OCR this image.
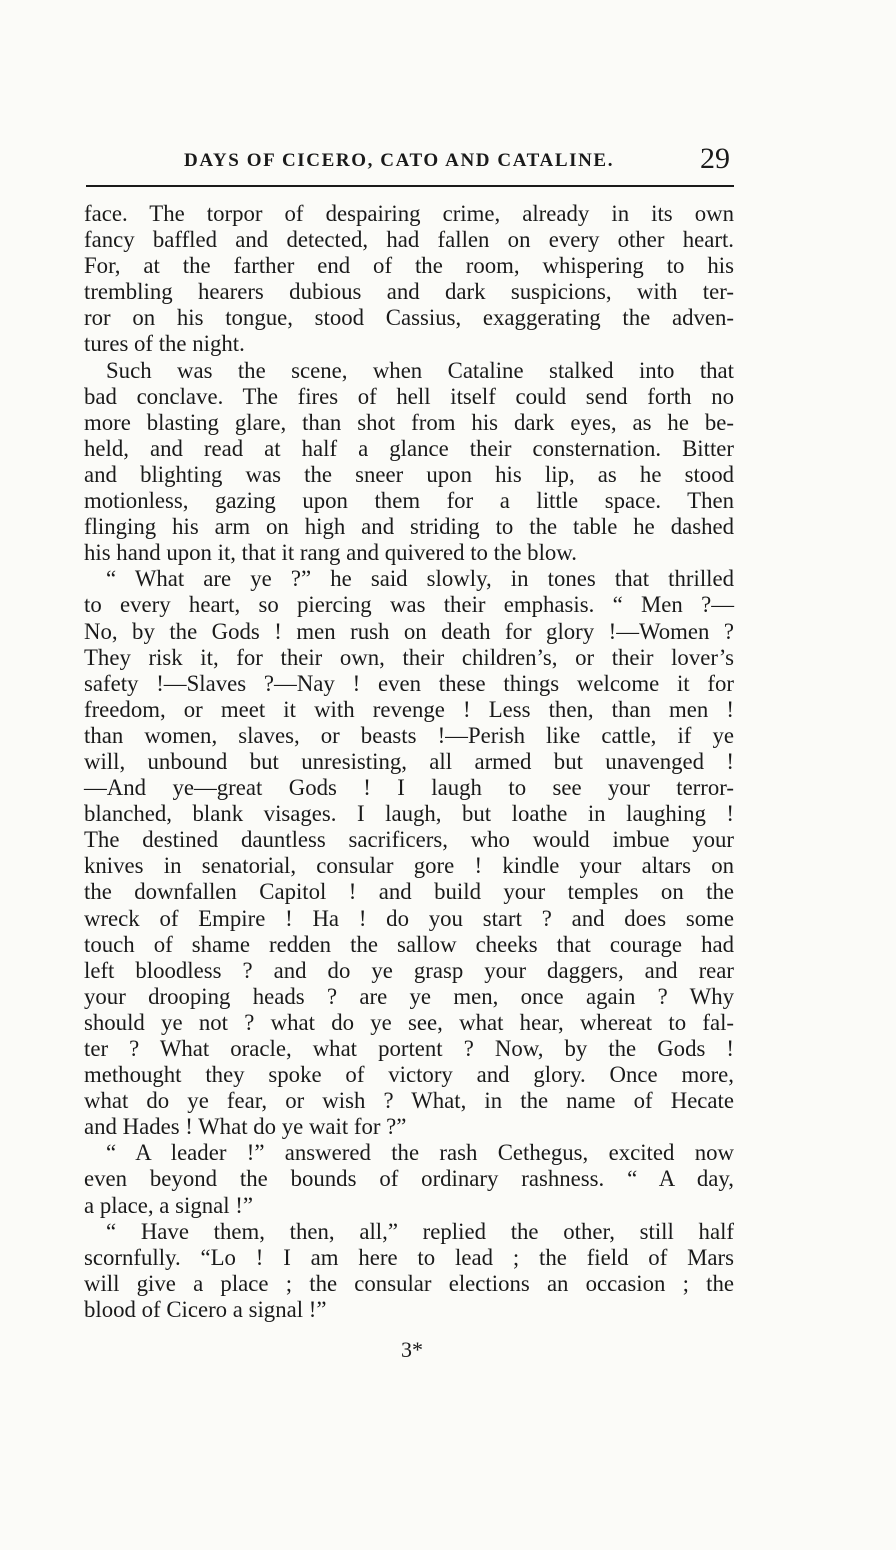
DAYS OF CICERO, CATO AND CATALINE.	29
face. The torpor of despairing crime, already in its own
fancy baffled and detected, had fallen on every other heart.
For, at the farther end of the room, whispering to his
trembling hearers dubious and dark suspicions, with ter-
ror on his tongue, stood Cassius, exaggerating the adven-
tures of the night.
Such was the scene, when Cataline stalked into that
bad conclave. The fires of hell itself could send forth no
more blasting glare, than shot from his dark eyes, as he be-
held, and read at half a glance their consternation. Bitter
and blighting was the sneer upon his lip, as he stood
motionless, gazing upon them for a little space. Then
flinging his arm on high and striding to the table he dashed
his hand upon it, that it rang and quivered to the blow.
“ What are ye ?” he said slowly, in tones that thrilled
to every heart, so piercing was their emphasis. “ Men ?—
No, by the Gods ! men rush on death for glory !—Women ?
They risk it, for their own, their children’s, or their lover’s
safety !—Slaves ?—Nay ! even these things welcome it for
freedom, or meet it with revenge ! Less then, than men !
than women, slaves, or beasts !—Perish like cattle, if ye
will, unbound but unresisting, all armed but unavenged !
—And ye—great Gods ! I laugh to see your terror-
blanched, blank visages. I laugh, but loathe in laughing !
The destined dauntless sacrificers, who would imbue your
knives in senatorial, consular gore ! kindle your altars on
the downfallen Capitol ! and build your temples on the
wreck of Empire ! Ha ! do you start ? and does some
touch of shame redden the sallow cheeks that courage had
left bloodless ? and do ye grasp your daggers, and rear
your drooping heads ? are ye men, once again ? Why
should ye not ? what do ye see, what hear, whereat to fal-
ter ? What oracle, what portent ? Now, by the Gods !
methought they spoke of victory and glory. Once more,
what do ye fear, or wish ? What, in the name of Hecate
and Hades ! What do ye wait for ?”
“ A leader !” answered the rash Cethegus, excited now
even beyond the bounds of ordinary rashness. “ A day,
a place, a signal !”
“ Have them, then, all,” replied the other, still half
scornfully. “Lo ! I am here to lead ; the field of Mars
will give a place ; the consular elections an occasion ; the
blood of Cicero a signal !”
3*
